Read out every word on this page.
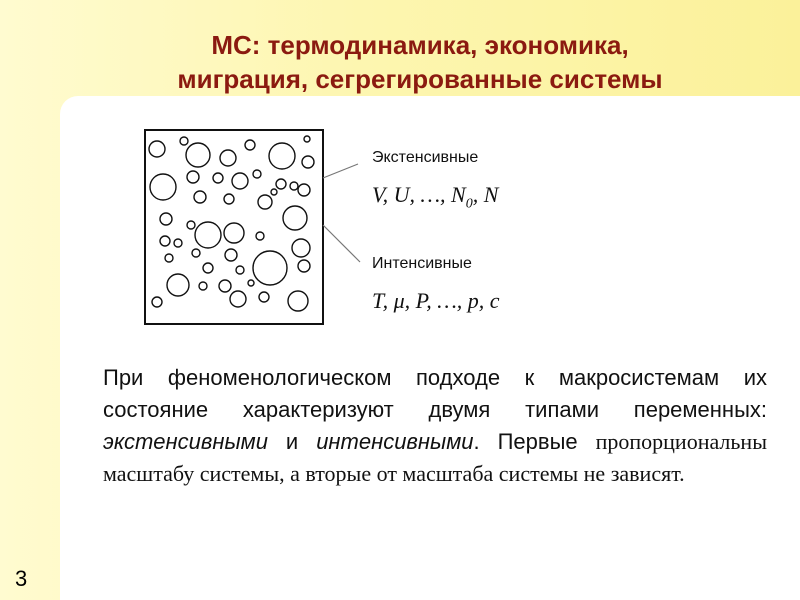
МС: термодинамика, экономика,
миграция, сегрегированные системы
Экстенсивные
V, U, …, $N_0$, N
Интенсивные
T, μ, P, …, p, c
При феноменологическом подходе к макросистемам их состояние характеризуют двумя типами переменных: экстенсивными и интенсивными. Первые пропорциональны масштабу системы, а вторые от масштаба системы не зависят.
3
